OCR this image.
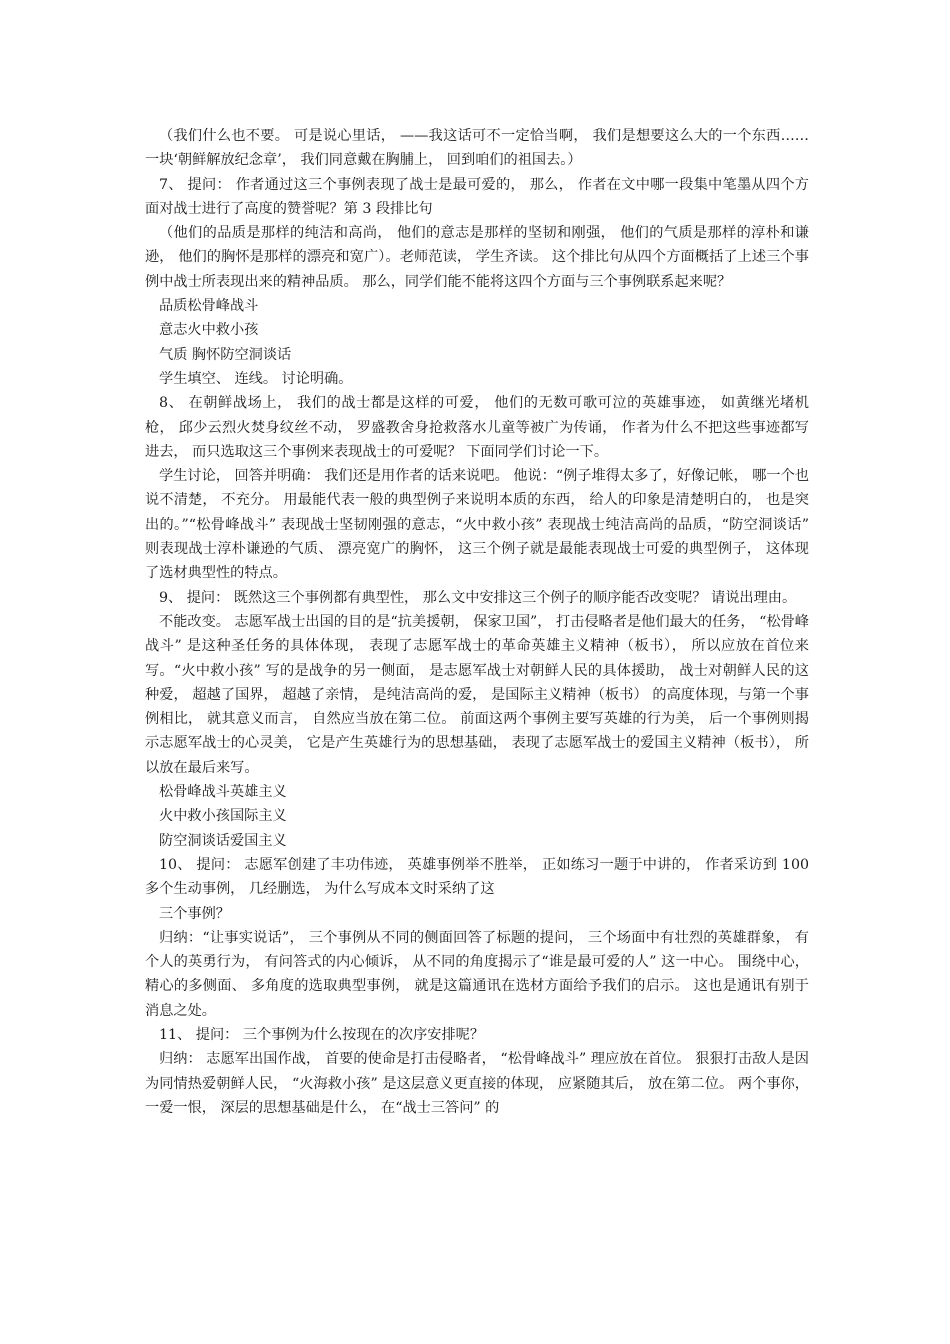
（我们什么也不要。 可是说心里话， ——我这话可不一定恰当啊， 我们是想要这么大的一个东西……一块‘朝鲜解放纪念章’， 我们同意戴在胸脯上， 回到咱们的祖国去。）

7、 提问： 作者通过这三个事例表现了战士是最可爱的， 那么， 作者在文中哪一段集中笔墨从四个方面对战士进行了高度的赞誉呢？第 3 段排比句

（他们的品质是那样的纯洁和高尚， 他们的意志是那样的坚韧和刚强， 他们的气质是那样的淳朴和谦逊， 他们的胸怀是那样的漂亮和宽广）。老师范读， 学生齐读。 这个排比句从四个方面概括了上述三个事例中战士所表现出来的精神品质。 那么，同学们能不能将这四个方面与三个事例联系起来呢？

品质松骨峰战斗

意志火中救小孩

气质 胸怀防空洞谈话

学生填空、 连线。 讨论明确。

8、 在朝鲜战场上， 我们的战士都是这样的可爱， 他们的无数可歌可泣的英雄事迹， 如黄继光堵机枪， 邱少云烈火焚身纹丝不动， 罗盛教舍身抢救落水儿童等被广为传诵， 作者为什么不把这些事迹都写进去， 而只选取这三个事例来表现战士的可爱呢？ 下面同学们讨论一下。

学生讨论， 回答并明确： 我们还是用作者的话来说吧。 他说：“例子堆得太多了，好像记帐， 哪一个也说不清楚， 不充分。 用最能代表一般的典型例子来说明本质的东西， 给人的印象是清楚明白的， 也是突出的。”“松骨峰战斗” 表现战士坚韧刚强的意志，“火中救小孩” 表现战士纯洁高尚的品质，“防空洞谈话” 则表现战士淳朴谦逊的气质、 漂亮宽广的胸怀， 这三个例子就是最能表现战士可爱的典型例子， 这体现了选材典型性的特点。

9、 提问： 既然这三个事例都有典型性， 那么文中安排这三个例子的顺序能否改变呢？ 请说出理由。

不能改变。 志愿军战士出国的目的是“抗美援朝， 保家卫国”， 打击侵略者是他们最大的任务， “松骨峰战斗” 是这种圣任务的具体体现， 表现了志愿军战士的革命英雄主义精神（板书）， 所以应放在首位来写。“火中救小孩” 写的是战争的另一侧面， 是志愿军战士对朝鲜人民的具体援助， 战士对朝鲜人民的这种爱， 超越了国界， 超越了亲情， 是纯洁高尚的爱， 是国际主义精神（板书） 的高度体现，与第一个事例相比， 就其意义而言， 自然应当放在第二位。 前面这两个事例主要写英雄的行为美， 后一个事例则揭示志愿军战士的心灵美， 它是产生英雄行为的思想基础， 表现了志愿军战士的爱国主义精神（板书）， 所以放在最后来写。

松骨峰战斗英雄主义

火中救小孩国际主义

防空洞谈话爱国主义

10、 提问： 志愿军创建了丰功伟迹， 英雄事例举不胜举， 正如练习一题于中讲的， 作者采访到 100 多个生动事例， 几经删选， 为什么写成本文时采纳了这

三个事例？

归纳：“让事实说话”， 三个事例从不同的侧面回答了标题的提问， 三个场面中有壮烈的英雄群象， 有个人的英勇行为， 有问答式的内心倾诉， 从不同的角度揭示了“谁是最可爱的人” 这一中心。 围绕中心， 精心的多侧面、 多角度的选取典型事例， 就是这篇通讯在选材方面给予我们的启示。 这也是通讯有别于消息之处。

11、 提问： 三个事例为什么按现在的次序安排呢？

归纳： 志愿军出国作战， 首要的使命是打击侵略者， “松骨峰战斗” 理应放在首位。 狠狠打击敌人是因为同情热爱朝鲜人民， “火海救小孩” 是这层意义更直接的体现， 应紧随其后， 放在第二位。 两个事你， 一爱一恨， 深层的思想基础是什么， 在“战士三答问” 的
